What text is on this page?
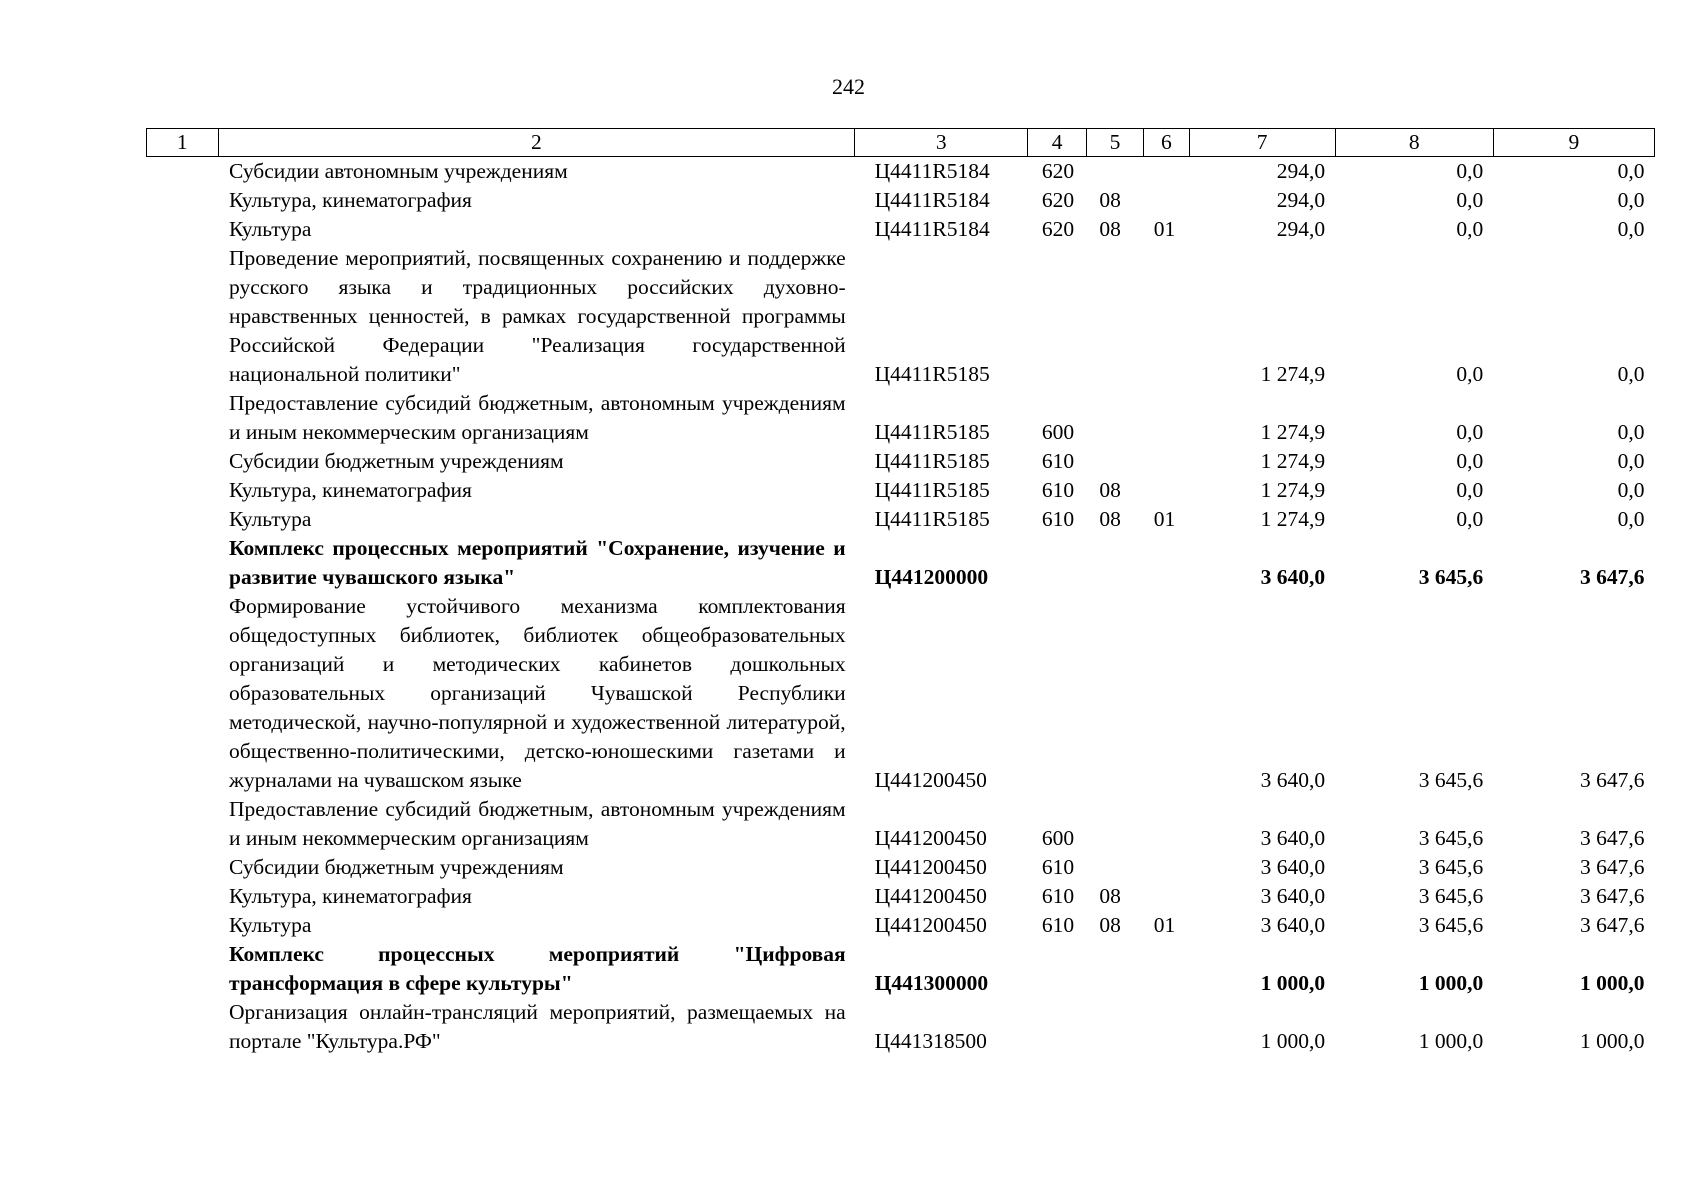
242
1	2	3	4	5	6	7	8	9
	Субсидии автономным учреждениям	Ц4411R5184	620			294,0	0,0	0,0
	Культура, кинематография	Ц4411R5184	620	08		294,0	0,0	0,0
	Культура	Ц4411R5184	620	08	01	294,0	0,0	0,0
	Проведение мероприятий, посвященных сохранению и поддержке русского языка и традиционных российских духовно-нравственных ценностей, в рамках государственной программы Российской Федерации "Реализация государственной национальной политики"	Ц4411R5185				1 274,9	0,0	0,0
	Предоставление субсидий бюджетным, автономным учреждениям и иным некоммерческим организациям	Ц4411R5185	600			1 274,9	0,0	0,0
	Субсидии бюджетным учреждениям	Ц4411R5185	610			1 274,9	0,0	0,0
	Культура, кинематография	Ц4411R5185	610	08		1 274,9	0,0	0,0
	Культура	Ц4411R5185	610	08	01	1 274,9	0,0	0,0
	Комплекс процессных мероприятий "Сохранение, изучение и развитие чувашского языка"	Ц441200000				3 640,0	3 645,6	3 647,6
	Формирование устойчивого механизма комплектования общедоступных библиотек, библиотек общеобразовательных организаций и методических кабинетов дошкольных образовательных организаций Чувашской Республики методической, научно-популярной и художественной литературой, общественно-политическими, детско-юношескими газетами и журналами на чувашском языке	Ц441200450				3 640,0	3 645,6	3 647,6
	Предоставление субсидий бюджетным, автономным учреждениям и иным некоммерческим организациям	Ц441200450	600			3 640,0	3 645,6	3 647,6
	Субсидии бюджетным учреждениям	Ц441200450	610			3 640,0	3 645,6	3 647,6
	Культура, кинематография	Ц441200450	610	08		3 640,0	3 645,6	3 647,6
	Культура	Ц441200450	610	08	01	3 640,0	3 645,6	3 647,6
	Комплекс процессных мероприятий "Цифровая трансформация в сфере культуры"	Ц441300000				1 000,0	1 000,0	1 000,0
	Организация онлайн-трансляций мероприятий, размещаемых на портале "Культура.РФ"	Ц441318500				1 000,0	1 000,0	1 000,0
